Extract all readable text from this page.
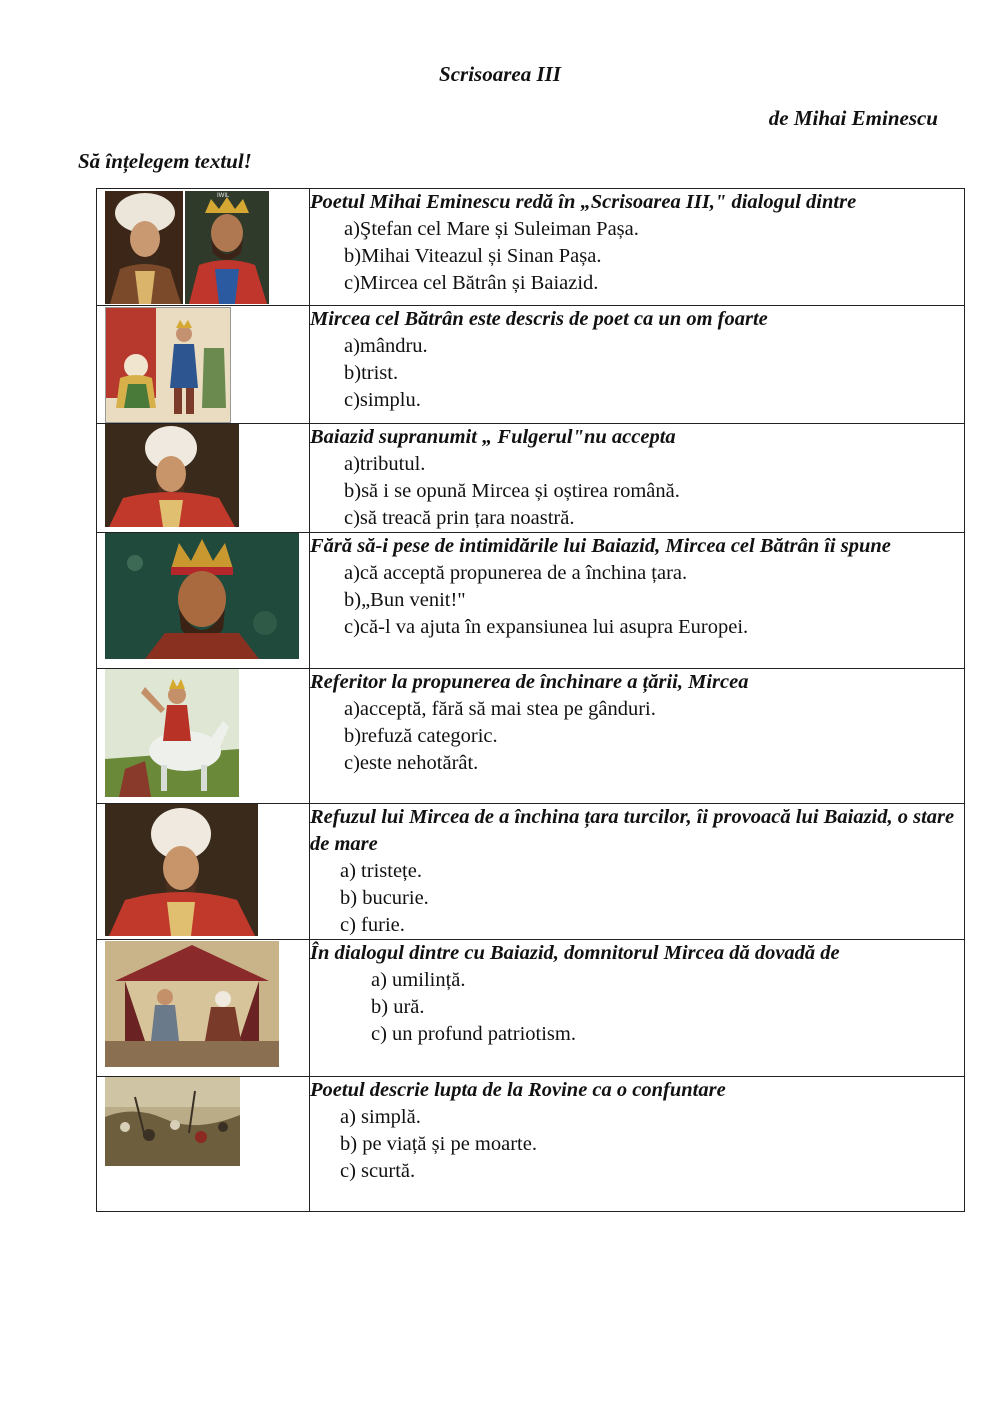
Scrisoarea III
de Mihai Eminescu
Să înțelegem textul!
IWIL	Poetul Mihai Eminescu redă în „Scrisoarea III," dialogul dintre
a)Ştefan cel Mare și Suleiman Pașa.
b)Mihai Viteazul și Sinan Pașa.
c)Mircea cel Bătrân și Baiazid.

Mircea cel Bătrân este descris de poet ca un om foarte
a)mândru.
b)trist.
c)simplu.

Baiazid supranumit „ Fulgerul"nu accepta
a)tributul.
b)să i se opună Mircea și oștirea română.
c)să treacă prin țara noastră.

Fără să-i pese de intimidările lui Baiazid, Mircea cel Bătrân îi spune
a)că acceptă propunerea de a închina țara.
b)„Bun venit!"
c)că-l va ajuta în expansiunea lui asupra Europei.

Referitor la propunerea de închinare a țării, Mircea
a)acceptă, fără să mai stea pe gânduri.
b)refuză categoric.
c)este nehotărât.

Refuzul lui Mircea de a închina țara turcilor, îi provoacă lui Baiazid, o stare de mare
a) tristețe.
b) bucurie.
c) furie.

În dialogul dintre cu Baiazid, domnitorul Mircea dă dovadă de
a) umilință.
b) ură.
c) un profund patriotism.

Poetul descrie lupta de la Rovine ca o confuntare
a) simplă.
b) pe viață și pe moarte.
c) scurtă.
